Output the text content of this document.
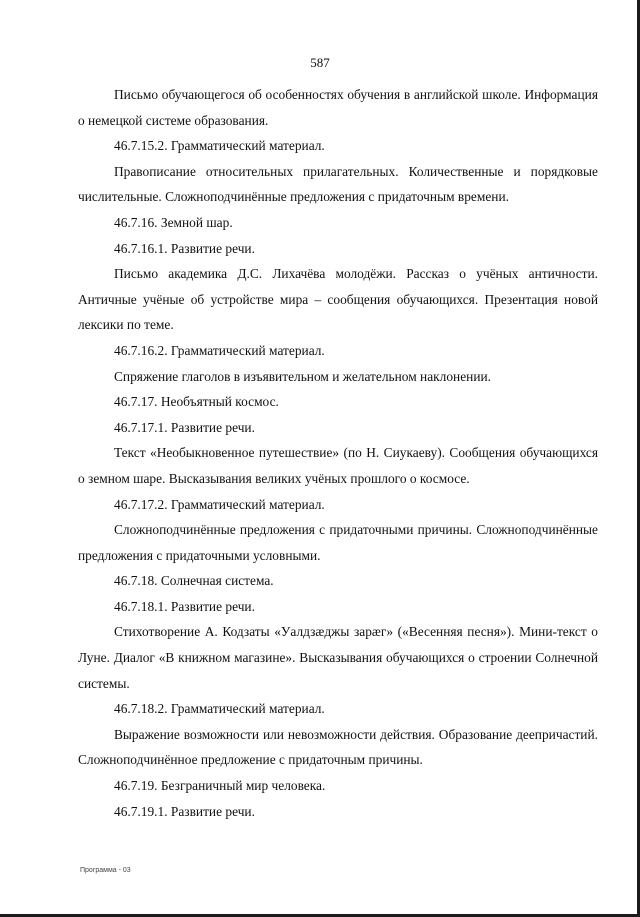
587

Письмо обучающегося об особенностях обучения в английской школе. Информация о немецкой системе образования.

46.7.15.2. Грамматический материал.

Правописание относительных прилагательных. Количественные и порядковые числительные. Сложноподчинённые предложения с придаточным времени.

46.7.16. Земной шар.

46.7.16.1. Развитие речи.

Письмо академика Д.С. Лихачёва молодёжи. Рассказ о учёных античности. Античные учёные об устройстве мира – сообщения обучающихся. Презентация новой лексики по теме.

46.7.16.2. Грамматический материал.

Спряжение глаголов в изъявительном и желательном наклонении.

46.7.17. Необъятный космос.

46.7.17.1. Развитие речи.

Текст «Необыкновенное путешествие» (по Н. Сиукаеву). Сообщения обучающихся о земном шаре. Высказывания великих учёных прошлого о космосе.

46.7.17.2. Грамматический материал.

Сложноподчинённые предложения с придаточными причины. Сложноподчинённые предложения с придаточными условными.

46.7.18. Солнечная система.

46.7.18.1. Развитие речи.

Стихотворение А. Кодзаты «Уалдзæджы зарæг» («Весенняя песня»). Мини-текст о Луне. Диалог «В книжном магазине». Высказывания обучающихся о строении Солнечной системы.

46.7.18.2. Грамматический материал.

Выражение возможности или невозможности действия. Образование деепричастий. Сложноподчинённое предложение с придаточным причины.

46.7.19. Безграничный мир человека.

46.7.19.1. Развитие речи.

Программа - 03
